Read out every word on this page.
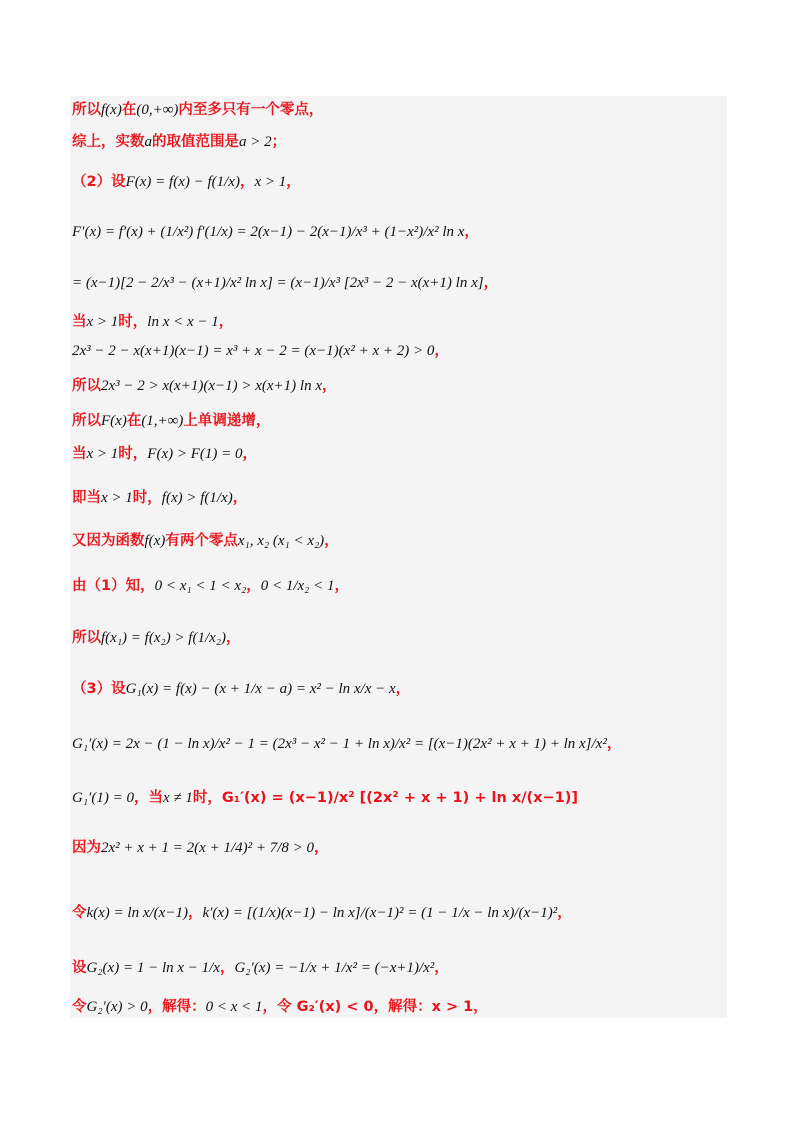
所以f(x)在(0,+∞)内至多只有一个零点，
综上，实数a的取值范围是a > 2；
（2）设F(x) = f(x) − f(1/x)，x > 1，
F′(x) = f′(x) + (1/x²) f′(1/x) = 2(x−1) − 2(x−1)/x³ + (1−x²)/x² ln x，
= (x−1)[2 − 2/x³ − (x+1)/x² ln x] = (x−1)/x³ [2x³ − 2 − x(x+1) ln x]，
当x > 1时，ln x < x − 1，
2x³ − 2 − x(x+1)(x−1) = x³ + x − 2 = (x−1)(x² + x + 2) > 0，
所以2x³ − 2 > x(x+1)(x−1) > x(x+1) ln x，
所以F(x)在(1,+∞)上单调递增，
当x > 1时，F(x) > F(1) = 0，
即当x > 1时，f(x) > f(1/x)，
又因为函数f(x)有两个零点x₁, x₂ (x₁ < x₂)，
由（1）知，0 < x₁ < 1 < x₂，0 < 1/x₂ < 1，
所以f(x₁) = f(x₂) > f(1/x₂)，
（3）设G₁(x) = f(x) − (x + 1/x − a) = x² − ln x/x − x，
G₁′(x) = 2x − (1 − ln x)/x² − 1 = (2x³ − x² − 1 + ln x)/x² = [(x−1)(2x² + x + 1) + ln x]/x²，
G₁′(1) = 0，当x ≠ 1时，G₁′(x) = (x−1)/x² [(2x² + x + 1) + ln x/(x−1)]
因为2x² + x + 1 = 2(x + 1/4)² + 7/8 > 0，
令k(x) = ln x/(x−1)，k′(x) = [(1/x)(x−1) − ln x]/(x−1)² = (1 − 1/x − ln x)/(x−1)²，
设G₂(x) = 1 − ln x − 1/x，G₂′(x) = −1/x + 1/x² = (−x+1)/x²，
令G₂′(x) > 0，解得：0 < x < 1，令 G₂′(x) < 0，解得：x > 1，
